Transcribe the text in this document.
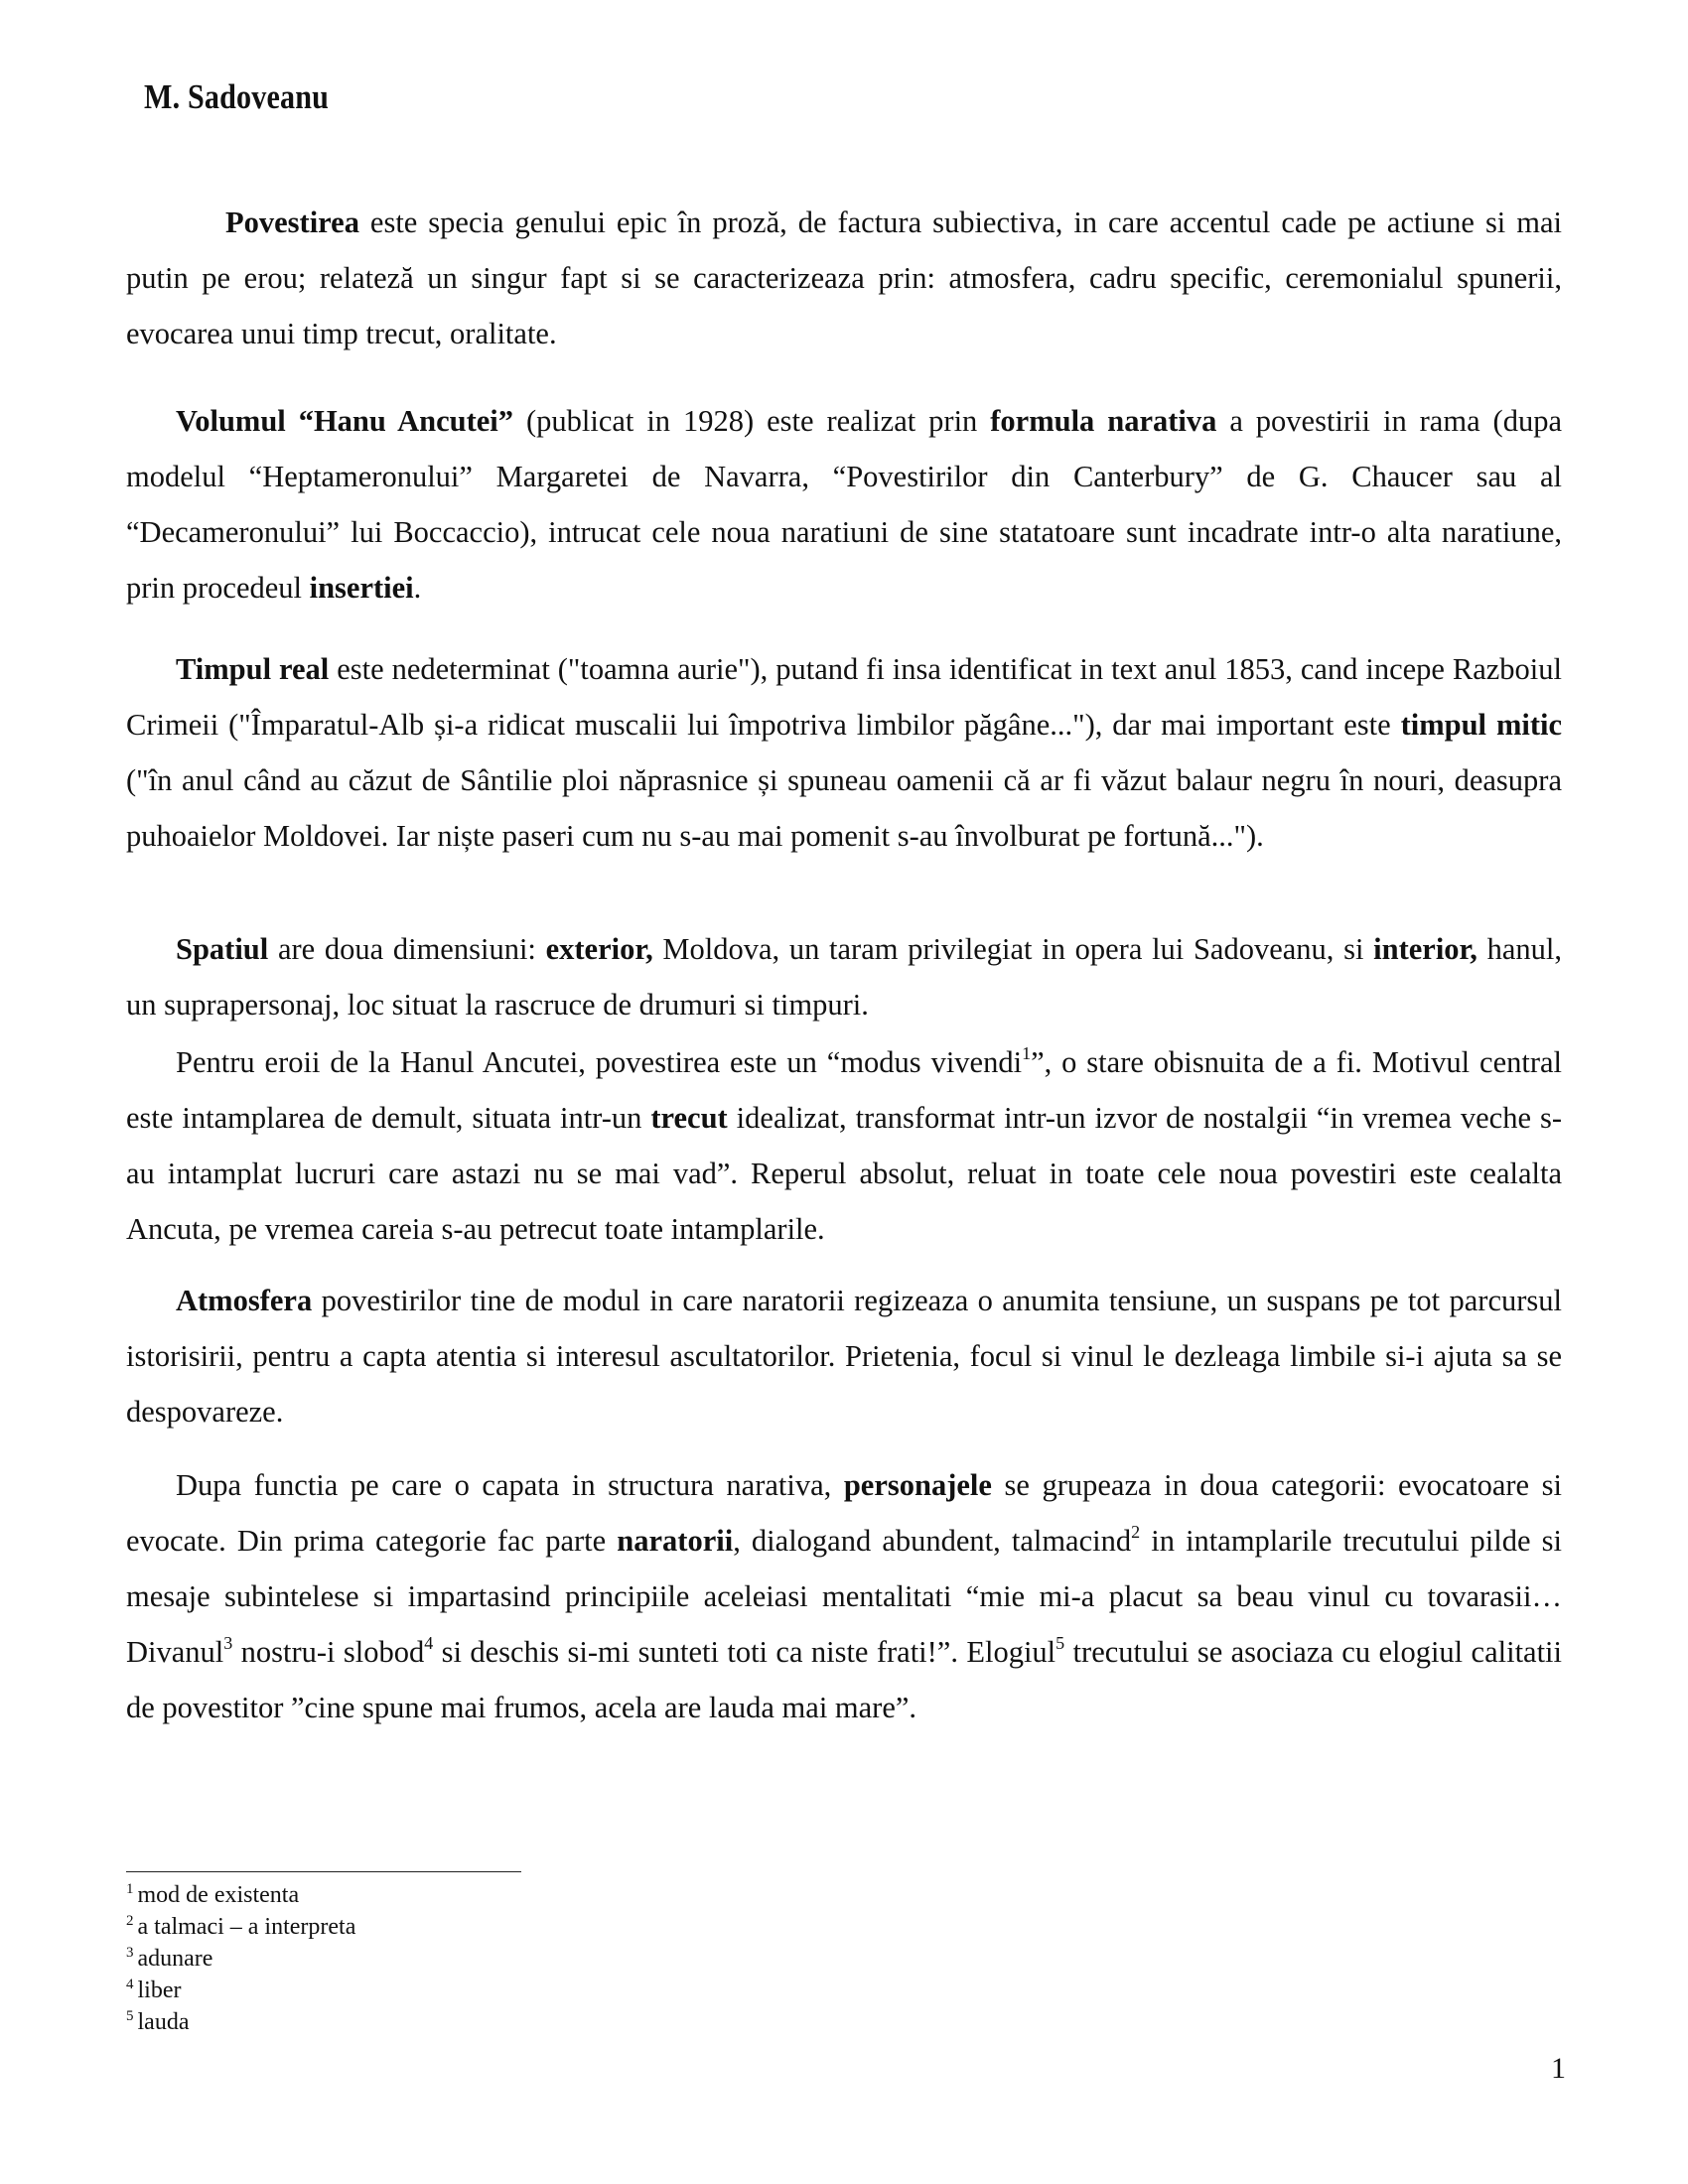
M. Sadoveanu
Povestirea este specia genului epic în proză, de factura subiectiva, in care accentul cade pe actiune si mai putin pe erou; relateză un singur fapt si se caracterizeaza prin: atmosfera, cadru specific, ceremonialul spunerii, evocarea unui timp trecut, oralitate.
Volumul “Hanu Ancutei” (publicat in 1928) este realizat prin formula narativa a povestirii in rama (dupa modelul “Heptameronului” Margaretei de Navarra, “Povestirilor din Canterbury” de G. Chaucer sau al “Decameronului” lui Boccaccio), intrucat cele noua naratiuni de sine statatoare sunt incadrate intr-o alta naratiune, prin procedeul insertiei.
Timpul real este nedeterminat ("toamna aurie"), putand fi insa identificat in text anul 1853, cand incepe Razboiul Crimeii ("Împaratul-Alb și-a ridicat muscalii lui împotriva limbilor păgâne..."), dar mai important este timpul mitic ("în anul când au căzut de Sântilie ploi năprasnice și spuneau oamenii că ar fi văzut balaur negru în nouri, deasupra puhoaielor Moldovei. Iar niște paseri cum nu s-au mai pomenit s-au învolburat pe fortună...").
Spatiul are doua dimensiuni: exterior, Moldova, un taram privilegiat in opera lui Sadoveanu, si interior, hanul, un suprapersonaj, loc situat la rascruce de drumuri si timpuri.
Pentru eroii de la Hanul Ancutei, povestirea este un “modus vivendi$^1$”, o stare obisnuita de a fi. Motivul central este intamplarea de demult, situata intr-un trecut idealizat, transformat intr-un izvor de nostalgii “in vremea veche s-au intamplat lucruri care astazi nu se mai vad”. Reperul absolut, reluat in toate cele noua povestiri este cealalta Ancuta, pe vremea careia s-au petrecut toate intamplarile.
Atmosfera povestirilor tine de modul in care naratorii regizeaza o anumita tensiune, un suspans pe tot parcursul istorisirii, pentru a capta atentia si interesul ascultatorilor. Prietenia, focul si vinul le dezleaga limbile si-i ajuta sa se despovareze.
Dupa functia pe care o capata in structura narativa, personajele se grupeaza in doua categorii: evocatoare si evocate. Din prima categorie fac parte naratorii, dialogand abundent, talmacind$^2$ in intamplarile trecutului pilde si mesaje subintelese si impartasind principiile aceleiasi mentalitati “mie mi-a placut sa beau vinul cu tovarasii… Divanul$^3$ nostru-i slobod$^4$ si deschis si-mi sunteti toti ca niste frati!”. Elogiul$^5$ trecutului se asociaza cu elogiul calitatii de povestitor ”cine spune mai frumos, acela are lauda mai mare”.
$^1$ mod de existenta
$^2$ a talmaci – a interpreta
$^3$ adunare
$^4$ liber
$^5$ lauda
1
